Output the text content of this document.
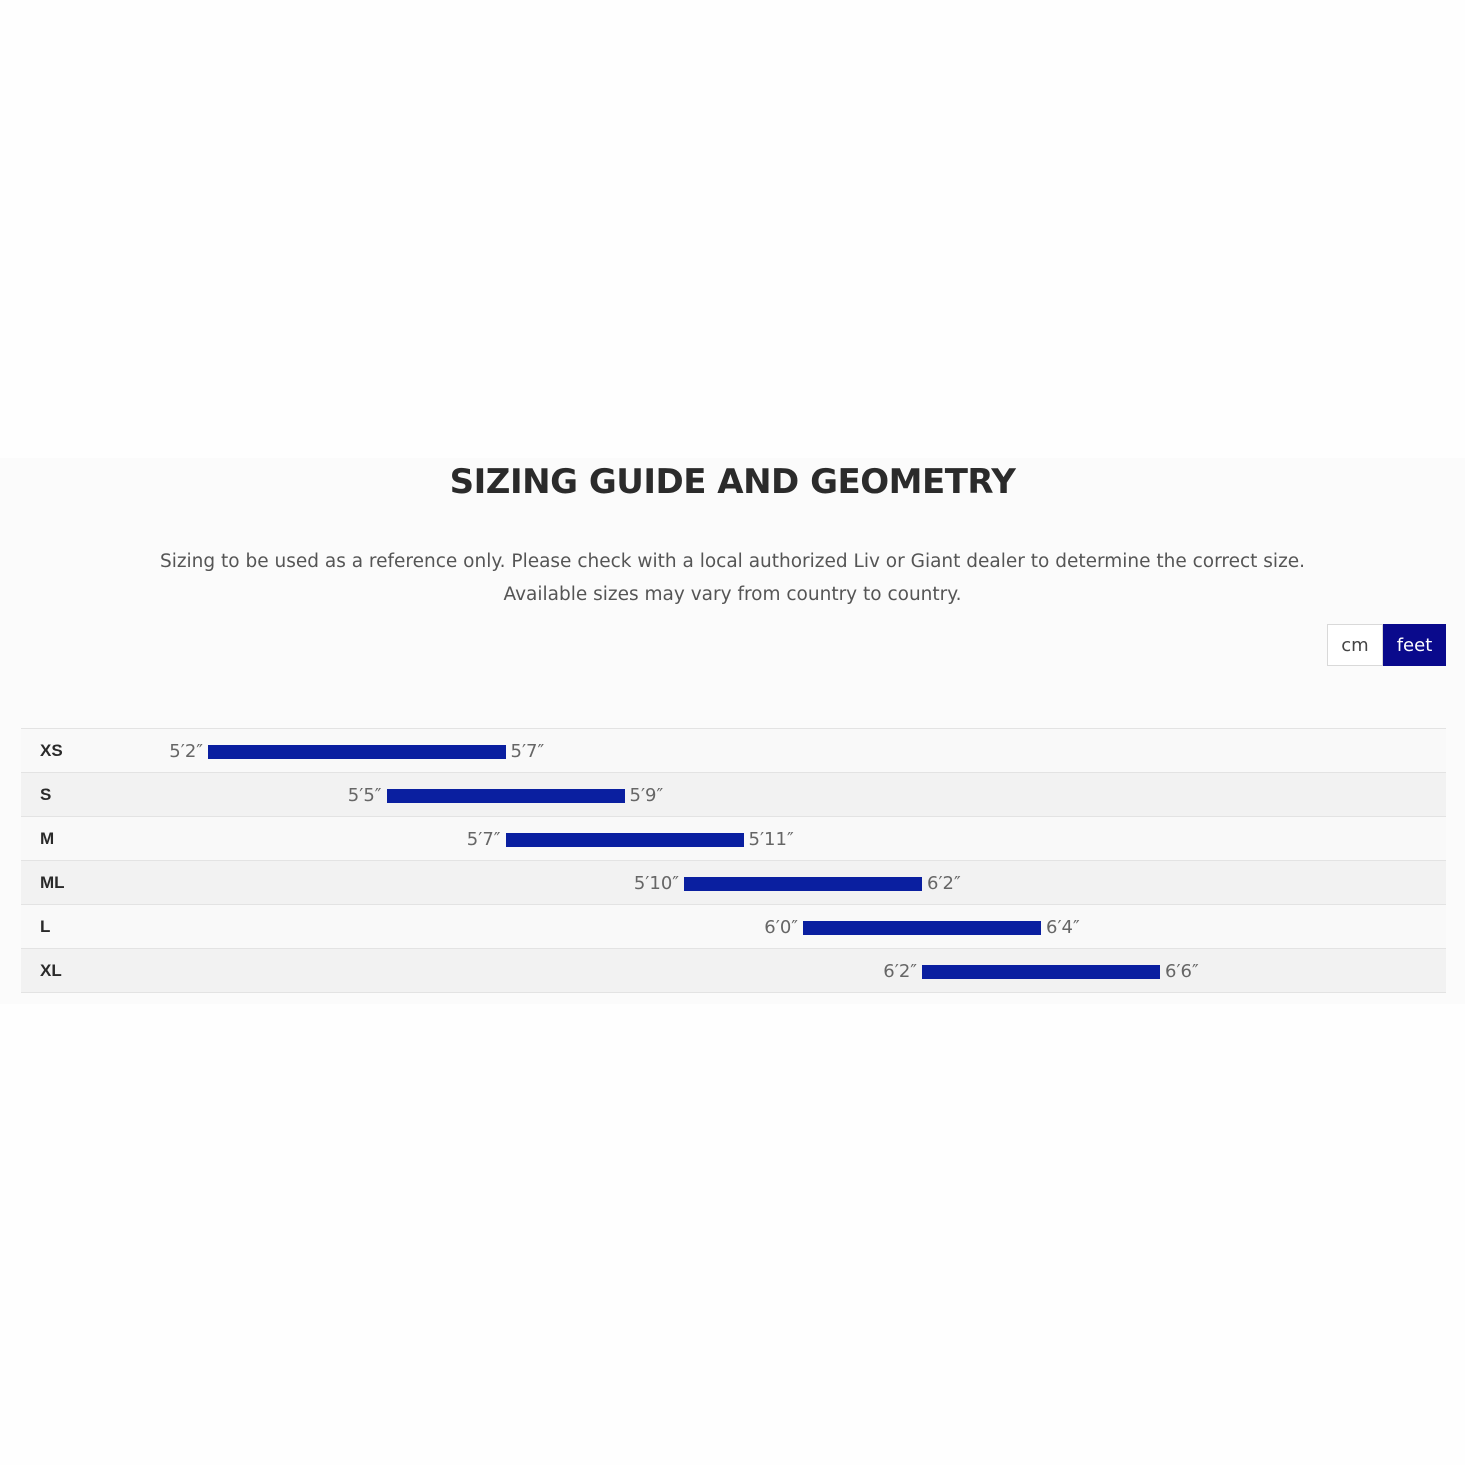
SIZING GUIDE AND GEOMETRY

Sizing to be used as a reference only. Please check with a local authorized Liv or Giant dealer to determine the correct size.

Available sizes may vary from country to country.

cm	feet
XS	5′2″	5′7″
S	5′5″	5′9″
M	5′7″	5′11″
ML	5′10″	6′2″
L	6′0″	6′4″
XL	6′2″	6′6″
